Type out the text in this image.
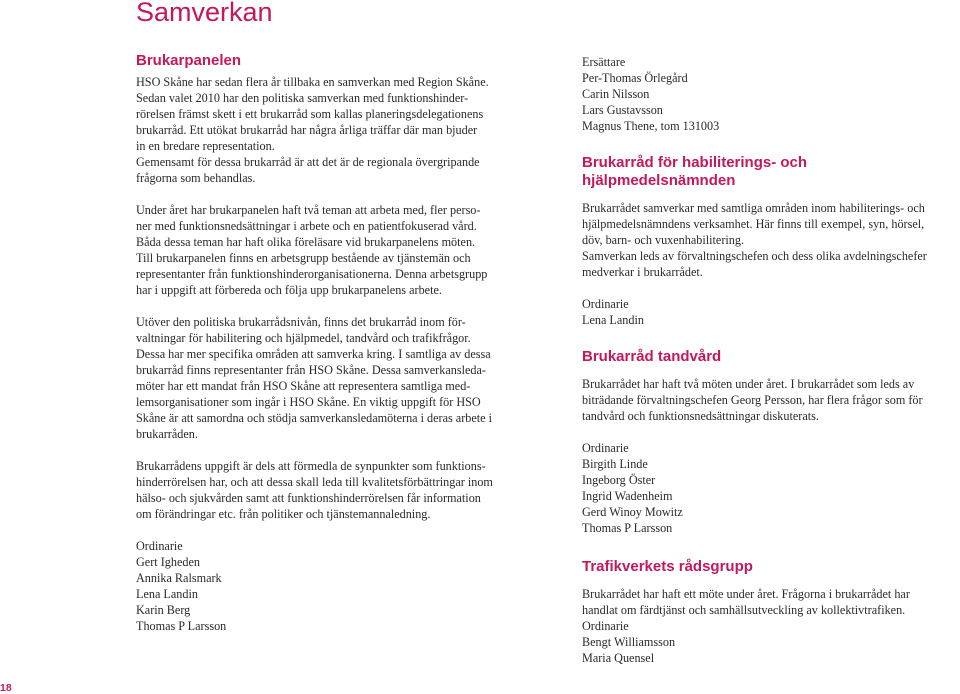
Samverkan
Brukarpanelen

HSO Skåne har sedan flera år tillbaka en samverkan med Region Skåne.
Sedan valet 2010 har den politiska samverkan med funktionshinder-
rörelsen främst skett i ett brukarråd som kallas planeringsdelegationens
brukarråd. Ett utökat brukarråd har några årliga träffar där man bjuder
in en bredare representation.
Gemensamt för dessa brukarråd är att det är de regionala övergripande
frågorna som behandlas.

Under året har brukarpanelen haft två teman att arbeta med, fler perso-
ner med funktionsnedsättningar i arbete och en patientfokuserad vård.
Båda dessa teman har haft olika föreläsare vid brukarpanelens möten.
Till brukarpanelen finns en arbetsgrupp bestående av tjänstemän och
representanter från funktionshinderorganisationerna. Denna arbetsgrupp
har i uppgift att förbereda och följa upp brukarpanelens arbete.

Utöver den politiska brukarrådsnivån, finns det brukarråd inom för-
valtningar för habilitering och hjälpmedel, tandvård och trafikfrågor.
Dessa har mer specifika områden att samverka kring. I samtliga av dessa
brukarråd finns representanter från HSO Skåne. Dessa samverkansleda-
möter har ett mandat från HSO Skåne att representera samtliga med-
lemsorganisationer som ingår i HSO Skåne. En viktig uppgift för HSO
Skåne är att samordna och stödja samverkansledamöterna i deras arbete i
brukarråden.

Brukarrådens uppgift är dels att förmedla de synpunkter som funktions-
hinderrörelsen har, och att dessa skall leda till kvalitetsförbättringar inom
hälso- och sjukvården samt att funktionshinderrörelsen får information
om förändringar etc. från politiker och tjänstemannaledning.

Ordinarie
Gert Igheden
Annika Ralsmark
Lena Landin
Karin Berg
Thomas P Larsson
Ersättare
Per-Thomas Örlegård
Carin Nilsson
Lars Gustavsson
Magnus Thene, tom 131003
Brukarråd för habiliterings- och hjälpmedelsnämnden
Brukarrådet samverkar med samtliga områden inom habiliterings- och
hjälpmedelsnämndens verksamhet. Här finns till exempel, syn, hörsel,
döv, barn- och vuxenhabilitering.
Samverkan leds av förvaltningschefen och dess olika avdelningschefer
medverkar i brukarrådet.
Ordinarie
Lena Landin
Brukarråd tandvård
Brukarrådet har haft två möten under året. I brukarrådet som leds av
biträdande förvaltningschefen Georg Persson, har flera frågor som för
tandvård och funktionsnedsättningar diskuterats.
Ordinarie
Birgith Linde
Ingeborg Öster
Ingrid Wadenheim
Gerd Winoy Mowitz
Thomas P Larsson
Trafikverkets rådsgrupp
Brukarrådet har haft ett möte under året. Frågorna i brukarrådet har
handlat om färdtjänst och samhällsutveckling av kollektivtrafiken.
Ordinarie
Bengt Williamsson
Maria Quensel
18
